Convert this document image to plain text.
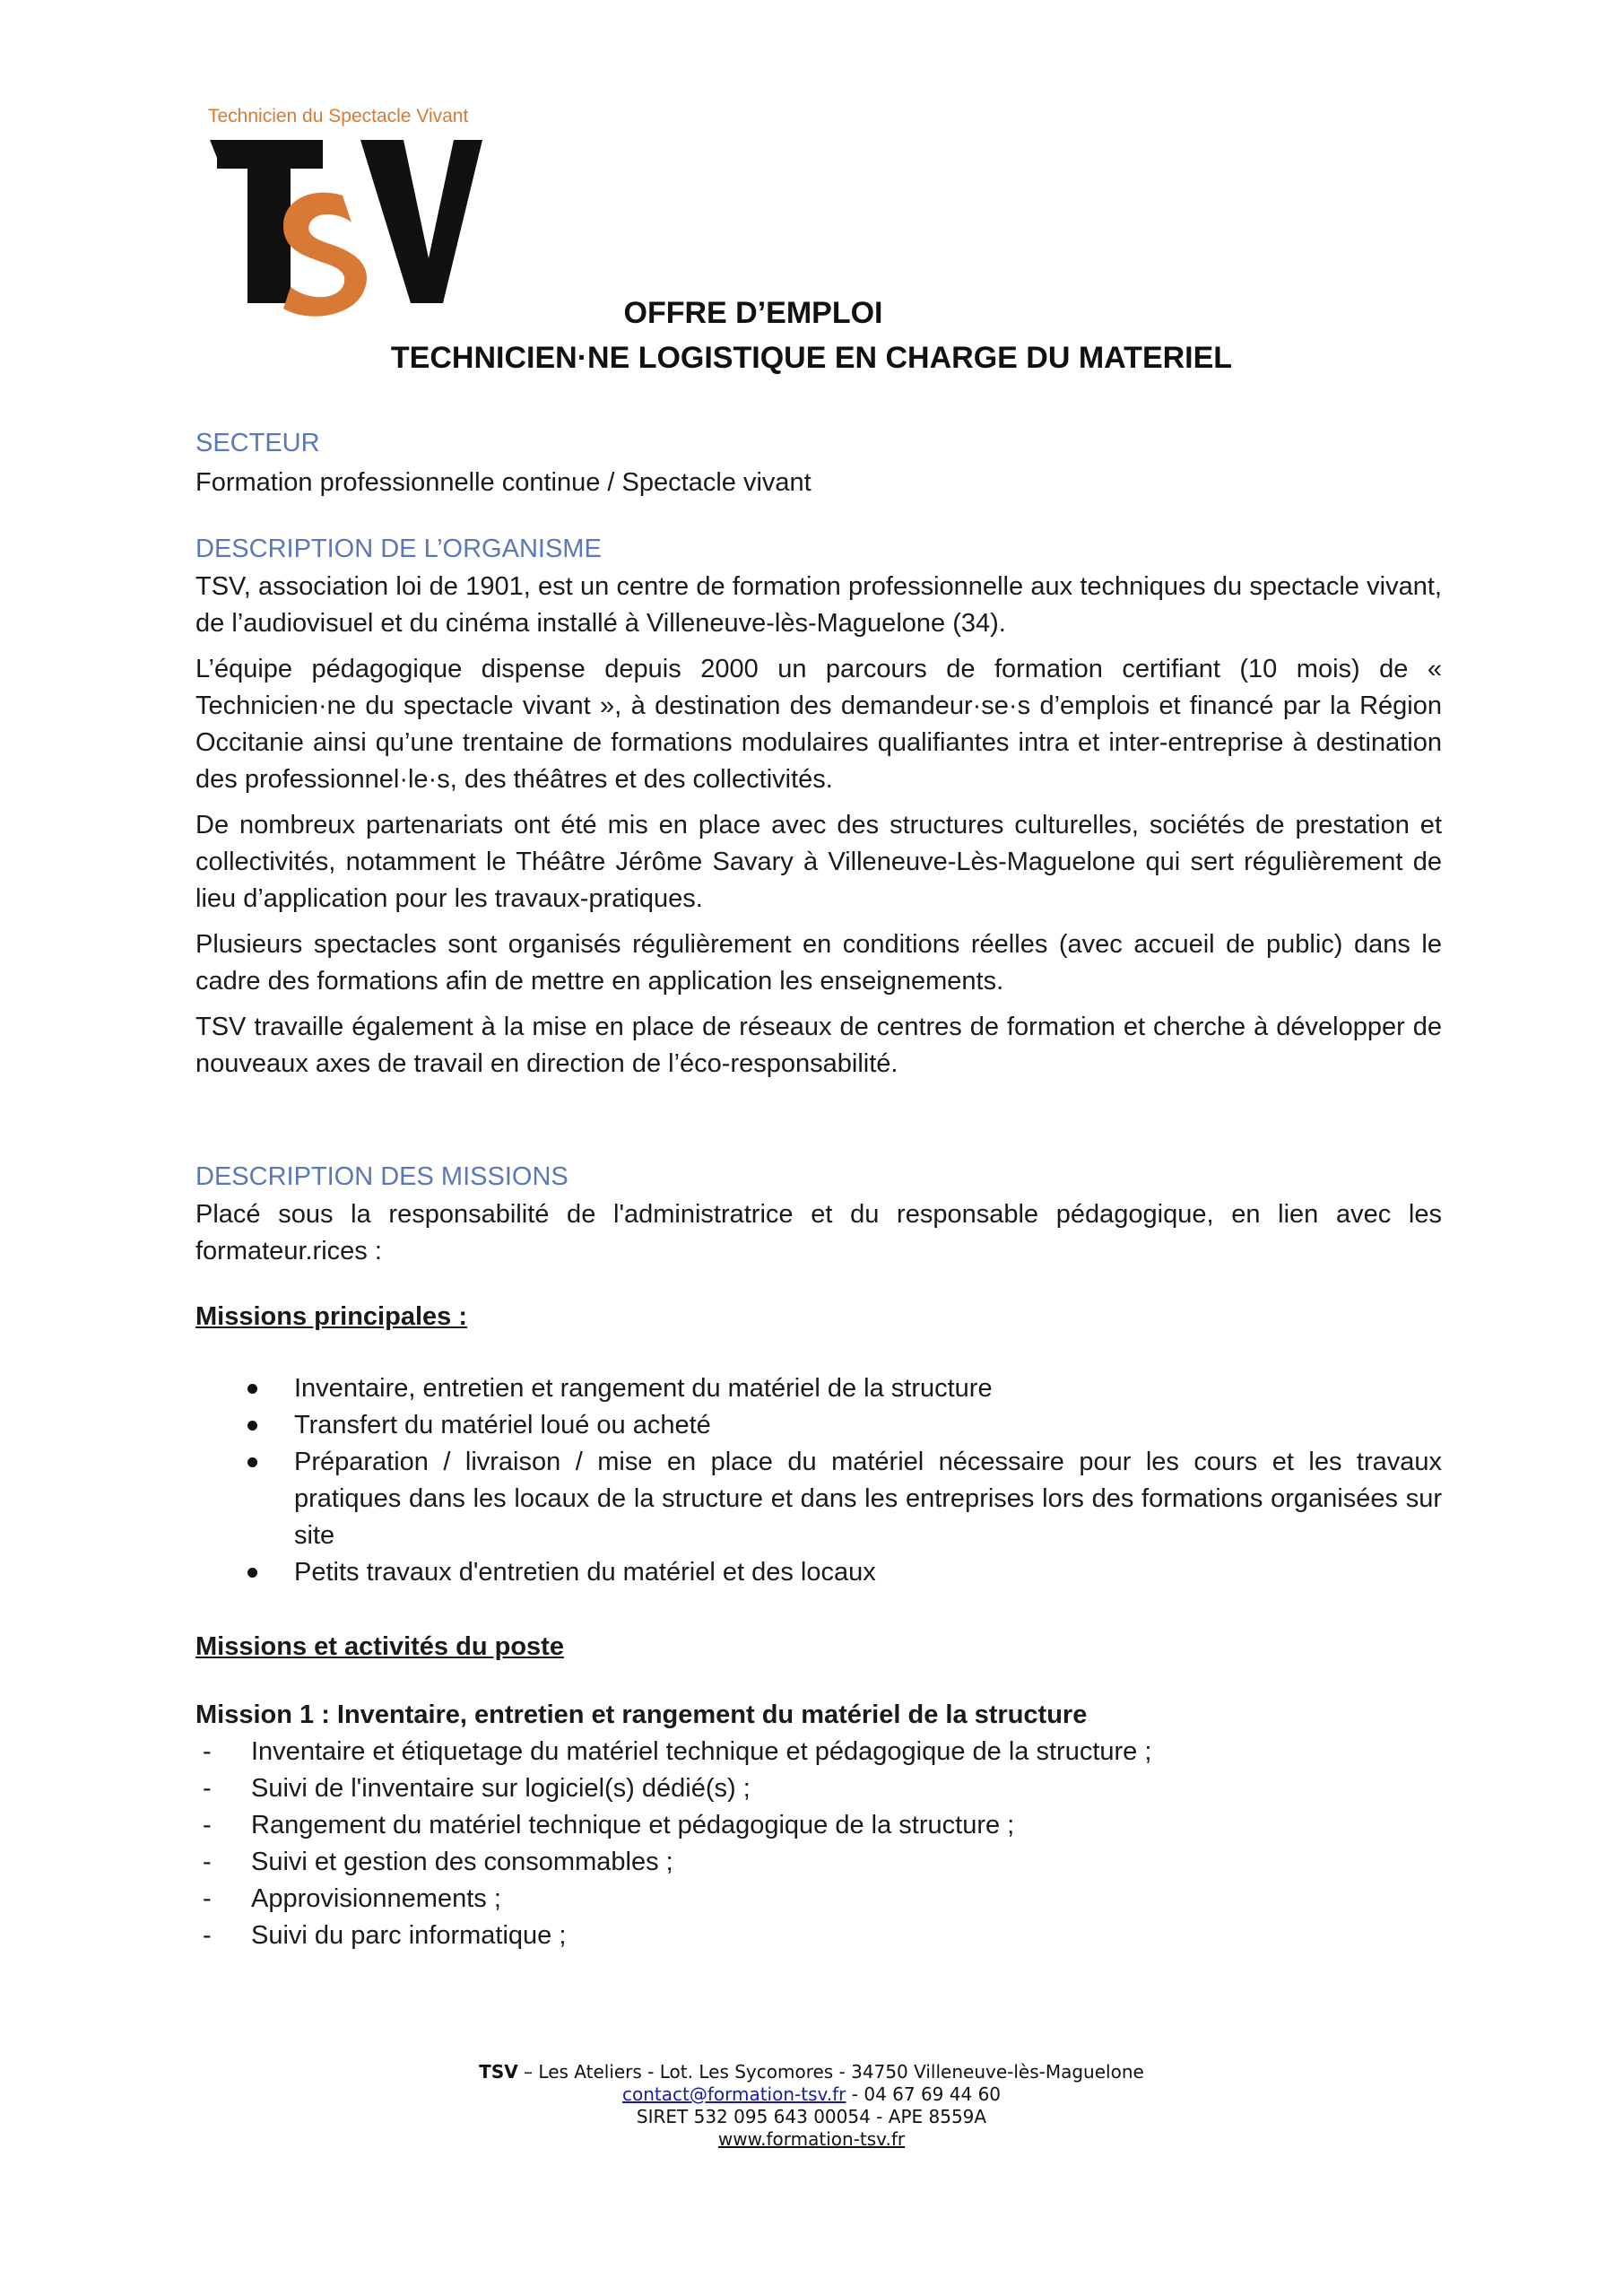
Technicien du Spectacle Vivant
OFFRE D’EMPLOI
TECHNICIEN·NE LOGISTIQUE EN CHARGE DU MATERIEL
SECTEUR

Formation professionnelle continue / Spectacle vivant

DESCRIPTION DE L’ORGANISME

TSV, association loi de 1901, est un centre de formation professionnelle aux techniques du spectacle vivant, de l’audiovisuel et du cinéma installé à Villeneuve-lès-Maguelone (34).

L’équipe pédagogique dispense depuis 2000 un parcours de formation certifiant (10 mois) de « Technicien·ne du spectacle vivant », à destination des demandeur·se·s d’emplois et financé par la Région Occitanie ainsi qu’une trentaine de formations modulaires qualifiantes intra et inter-entreprise à destination des professionnel·le·s, des théâtres et des collectivités.

De nombreux partenariats ont été mis en place avec des structures culturelles, sociétés de prestation et collectivités, notamment le Théâtre Jérôme Savary à Villeneuve-Lès-Maguelone qui sert régulièrement de lieu d’application pour les travaux-pratiques.

Plusieurs spectacles sont organisés régulièrement en conditions réelles (avec accueil de public) dans le cadre des formations afin de mettre en application les enseignements.

TSV travaille également à la mise en place de réseaux de centres de formation et cherche à développer de nouveaux axes de travail en direction de l’éco-responsabilité.

DESCRIPTION DES MISSIONS

Placé sous la responsabilité de l'administratrice et du responsable pédagogique, en lien avec les formateur.rices :

Missions principales :
Inventaire, entretien et rangement du matériel de la structure
Transfert du matériel loué ou acheté
Préparation / livraison / mise en place du matériel nécessaire pour les cours et les travaux pratiques dans les locaux de la structure et dans les entreprises lors des formations organisées sur site
Petits travaux d'entretien du matériel et des locaux
Missions et activités du poste
Mission 1 : Inventaire, entretien et rangement du matériel de la structure
- Inventaire et étiquetage du matériel technique et pédagogique de la structure ;
- Suivi de l'inventaire sur logiciel(s) dédié(s) ;
- Rangement du matériel technique et pédagogique de la structure ;
- Suivi et gestion des consommables ;
- Approvisionnements ;
- Suivi du parc informatique ;
TSV – Les Ateliers - Lot. Les Sycomores - 34750 Villeneuve-lès-Maguelone
contact@formation-tsv.fr - 04 67 69 44 60
SIRET 532 095 643 00054 - APE 8559A
www.formation-tsv.fr
